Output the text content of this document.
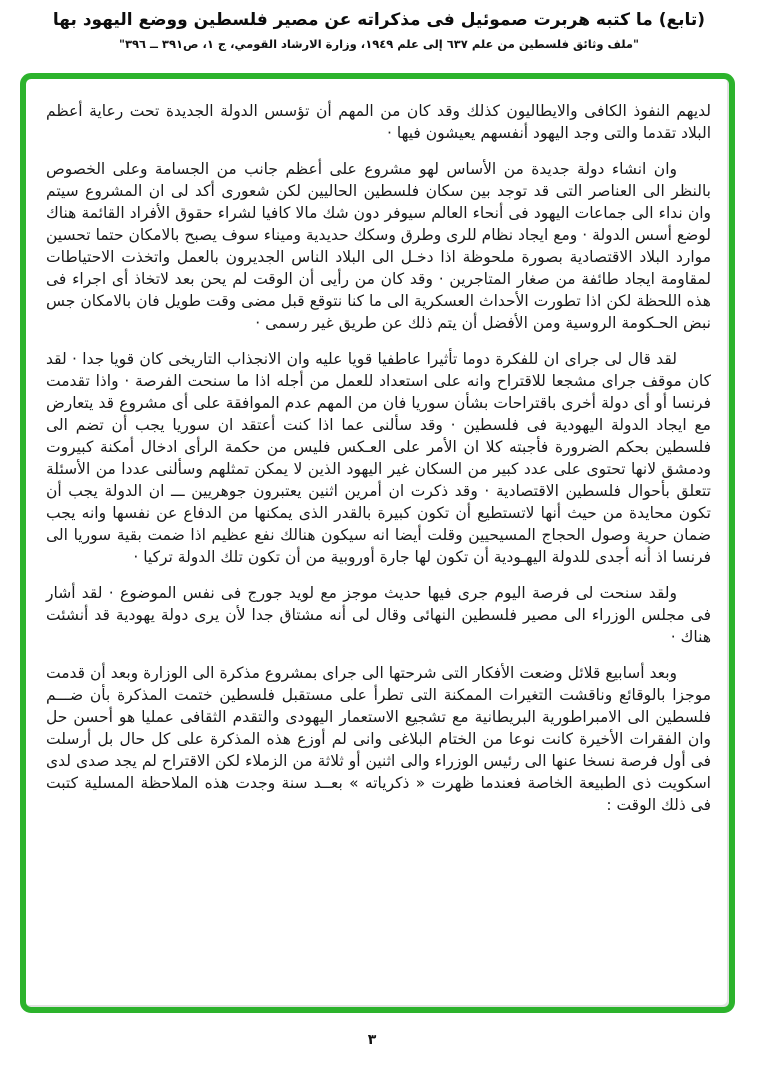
(تابع) ما كتبه هربرت صموئيل فى مذكراته عن مصير فلسطين ووضع اليهود بها
"ملف وثائق فلسطين من علم ٦٣٧ إلى علم ١٩٤٩، وزارة الارشاد القومي، ج ١، ص٣٩١ ــ ٣٩٦"

لديهم النفوذ الكافى والايطاليون كذلك وقد كان من المهم أن تؤسس الدولة الجديدة تحت رعاية أعظم البلاد تقدما والتى وجد اليهود أنفسهم يعيشون فيها ·

وان انشاء دولة جديدة من الأساس لهو مشروع على أعظم جانب من الجسامة وعلى الخصوص بالنظر الى العناصر التى قد توجد بين سكان فلسطين الحاليين لكن شعورى أكد لى ان المشروع سيتم وان نداء الى جماعات اليهود فى أنحاء العالم سيوفر دون شك مالا كافيا لشراء حقوق الأفراد القائمة هناك لوضع أسس الدولة · ومع ايجاد نظام للرى وطرق وسكك حديدية وميناء سوف يصبح بالامكان حتما تحسين موارد البلاد الاقتصادية بصورة ملحوظة اذا دخـل الى البلاد الناس الجديرون بالعمل واتخذت الاحتياطات لمقاومة ايجاد طائفة من صغار المتاجرين · وقد كان من رأيى أن الوقت لم يحن بعد لاتخاذ أى اجراء فى هذه اللحظة لكن اذا تطورت الأحداث العسكرية الى ما كنا نتوقع قبل مضى وقت طويل فان بالامكان جس نبض الحـكومة الروسية ومن الأفضل أن يتم ذلك عن طريق غير رسمى ·

لقد قال لى جراى ان للفكرة دوما تأثيرا عاطفيا قويا عليه وان الانجذاب التاريخى كان قويا جدا · لقد كان موقف جراى مشجعا للاقتراح وانه على استعداد للعمل من أجله اذا ما سنحت الفرصة · واذا تقدمت فرنسا أو أى دولة أخرى باقتراحات بشأن سوريا فان من المهم عدم الموافقة على أى مشروع قد يتعارض مع ايجاد الدولة اليهودية فى فلسطين · وقد سألنى عما اذا كنت أعتقد ان سوريا يجب أن تضم الى فلسطين بحكم الضرورة فأجبته كلا ان الأمر على العـكس فليس من حكمة الرأى ادخال أمكنة كبيروت ودمشق لانها تحتوى على عدد كبير من السكان غير اليهود الذين لا يمكن تمثلهم وسألنى عددا من الأسئلة تتعلق بأحوال فلسطين الاقتصادية · وقد ذكرت ان أمرين اثنين يعتبرون جوهريين ـــ ان الدولة يجب أن تكون محايدة من حيث أنها لاتستطيع أن تكون كبيرة بالقدر الذى يمكنها من الدفاع عن نفسها وانه يجب ضمان حرية وصول الحجاج المسيحيين وقلت أيضا انه سيكون هنالك نفع عظيم اذا ضمت بقية سوريا الى فرنسا اذ أنه أجدى للدولة اليهـودية أن تكون لها جارة أوروبية من أن تكون تلك الدولة تركيا ·

ولقد سنحت لى فرصة اليوم جرى فيها حديث موجز مع لويد جورج فى نفس الموضوع · لقد أشار فى مجلس الوزراء الى مصير فلسطين النهائى وقال لى أنه مشتاق جدا لأن يرى دولة يهودية قد أنشئت هناك ·

وبعد أسابيع قلائل وضعت الأفكار التى شرحتها الى جراى بمشروع مذكرة الى الوزارة وبعد أن قدمت موجزا بالوقائع وناقشت التغيرات الممكنة التى تطرأ على مستقبل فلسطين ختمت المذكرة بأن ضـــم فلسطين الى الامبراطورية البريطانية مع تشجيع الاستعمار اليهودى والتقدم الثقافى عمليا هو أحسن حل وان الفقرات الأخيرة كانت نوعا من الختام البلاغى وانى لم أوزع هذه المذكرة على كل حال بل أرسلت فى أول فرصة نسخا عنها الى رئيس الوزراء والى اثنين أو ثلاثة من الزملاء لكن الاقتراح لم يجد صدى لدى اسكويت ذى الطبيعة الخاصة فعندما ظهرت « ذكرياته » بعــد سنة وجدت هذه الملاحظة المسلية كتبت فى ذلك الوقت :

٣
